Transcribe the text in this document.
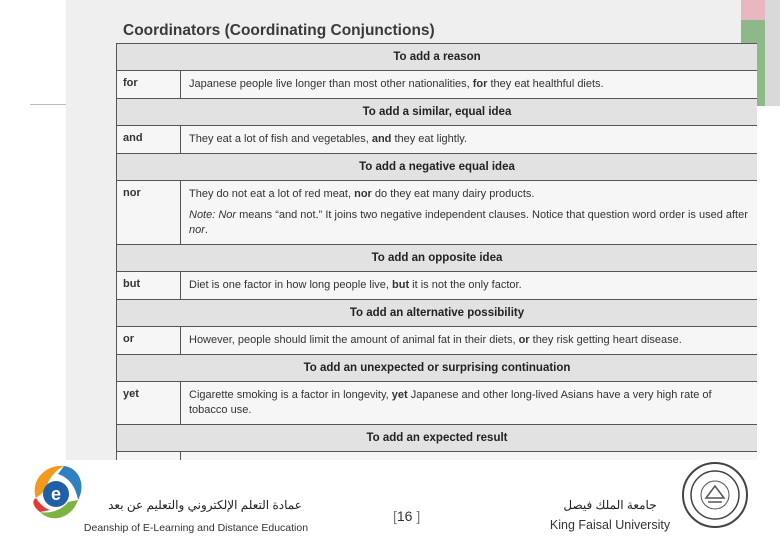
Coordinators (Coordinating Conjunctions)
To add a reason
for	Japanese people live longer than most other nationalities, for they eat healthful diets.
To add a similar, equal idea
and	They eat a lot of fish and vegetables, and they eat lightly.
To add a negative equal idea
nor	They do not eat a lot of red meat, nor do they eat many dairy products.
Note: Nor means “and not.” It joins two negative independent clauses. Notice that question word order is used after nor.
To add an opposite idea
but	Diet is one factor in how long people live, but it is not the only factor.
To add an alternative possibility
or	However, people should limit the amount of animal fat in their diets, or they risk getting heart disease.
To add an unexpected or surprising continuation
yet	Cigarette smoking is a factor in longevity, yet Japanese and other long-lived Asians have a very high rate of tobacco use.
To add an expected result
e
عمادة التعلم الإلكتروني والتعليم عن بعد
Deanship of E-Learning and Distance Education
[16 ]
جامعة الملك فيصل
King Faisal University
